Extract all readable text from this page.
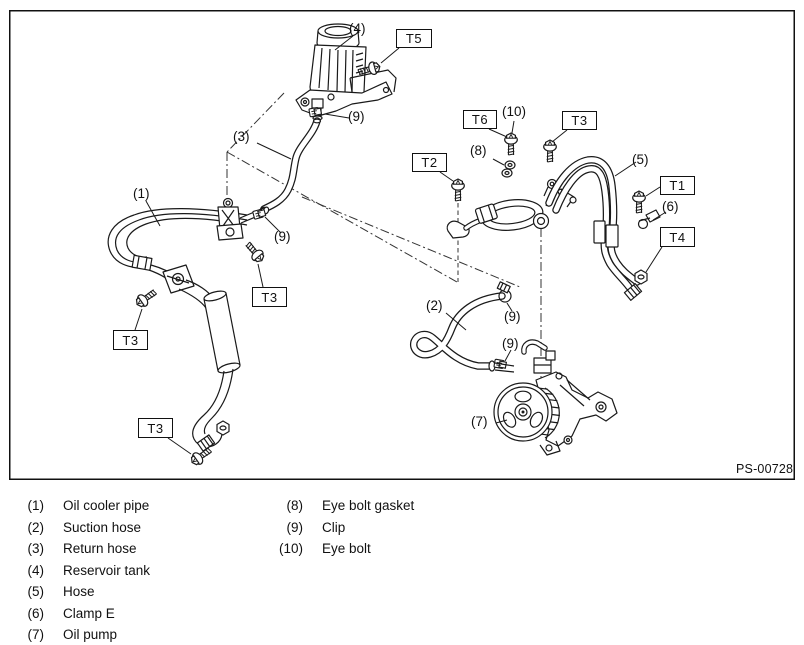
T5
T6	T3
T2
T1
T4
T3
T3
T3
(4)
(9)
(3)
(1)
(9)
(10)
(8)
(5)
(6)
(2)
(9)
(9)
(7)
PS-00728
(1) Oil cooler pipe
(2) Suction hose
(3) Return hose
(4) Reservoir tank
(5) Hose
(6) Clamp E
(7) Oil pump
(8) Eye bolt gasket
(9) Clip
(10) Eye bolt
